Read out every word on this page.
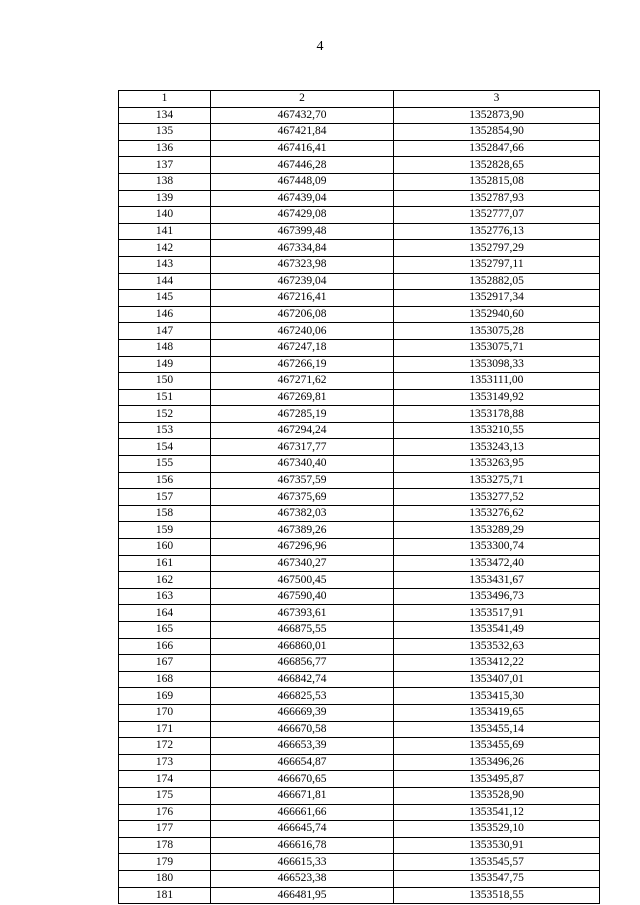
4
1	2	3
134	467432,70	1352873,90
135	467421,84	1352854,90
136	467416,41	1352847,66
137	467446,28	1352828,65
138	467448,09	1352815,08
139	467439,04	1352787,93
140	467429,08	1352777,07
141	467399,48	1352776,13
142	467334,84	1352797,29
143	467323,98	1352797,11
144	467239,04	1352882,05
145	467216,41	1352917,34
146	467206,08	1352940,60
147	467240,06	1353075,28
148	467247,18	1353075,71
149	467266,19	1353098,33
150	467271,62	1353111,00
151	467269,81	1353149,92
152	467285,19	1353178,88
153	467294,24	1353210,55
154	467317,77	1353243,13
155	467340,40	1353263,95
156	467357,59	1353275,71
157	467375,69	1353277,52
158	467382,03	1353276,62
159	467389,26	1353289,29
160	467296,96	1353300,74
161	467340,27	1353472,40
162	467500,45	1353431,67
163	467590,40	1353496,73
164	467393,61	1353517,91
165	466875,55	1353541,49
166	466860,01	1353532,63
167	466856,77	1353412,22
168	466842,74	1353407,01
169	466825,53	1353415,30
170	466669,39	1353419,65
171	466670,58	1353455,14
172	466653,39	1353455,69
173	466654,87	1353496,26
174	466670,65	1353495,87
175	466671,81	1353528,90
176	466661,66	1353541,12
177	466645,74	1353529,10
178	466616,78	1353530,91
179	466615,33	1353545,57
180	466523,38	1353547,75
181	466481,95	1353518,55
